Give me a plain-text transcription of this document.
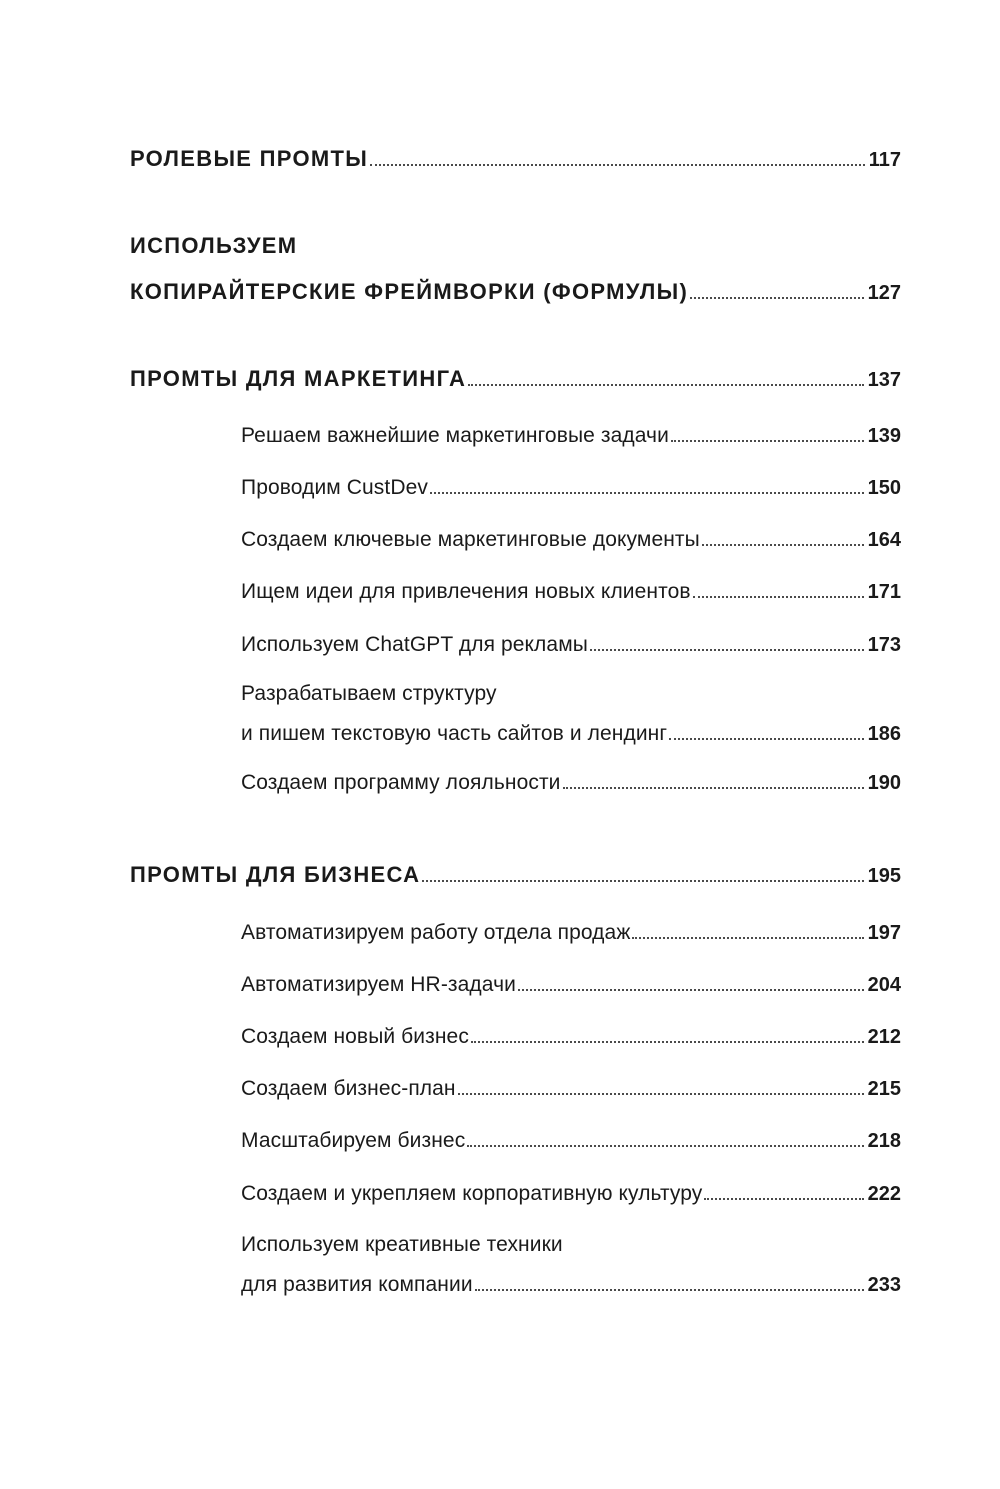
РОЛЕВЫЕ ПРОМТЫ	117
ИСПОЛЬЗУЕМ
КОПИРАЙТЕРСКИЕ ФРЕЙМВОРКИ (ФОРМУЛЫ)	127
ПРОМТЫ ДЛЯ МАРКЕТИНГА	137
Решаем важнейшие маркетинговые задачи	139
Проводим CustDev	150
Создаем ключевые маркетинговые документы	164
Ищем идеи для привлечения новых клиентов	171
Используем ChatGPT для рекламы	173
Разрабатываем структуру
и пишем текстовую часть сайтов и лендинг	186
Создаем программу лояльности	190
ПРОМТЫ ДЛЯ БИЗНЕСА	195
Автоматизируем работу отдела продаж	197
Автоматизируем HR-задачи	204
Создаем новый бизнес	212
Создаем бизнес-план	215
Масштабируем бизнес	218
Создаем и укрепляем корпоративную культуру	222
Используем креативные техники
для развития компании	233
